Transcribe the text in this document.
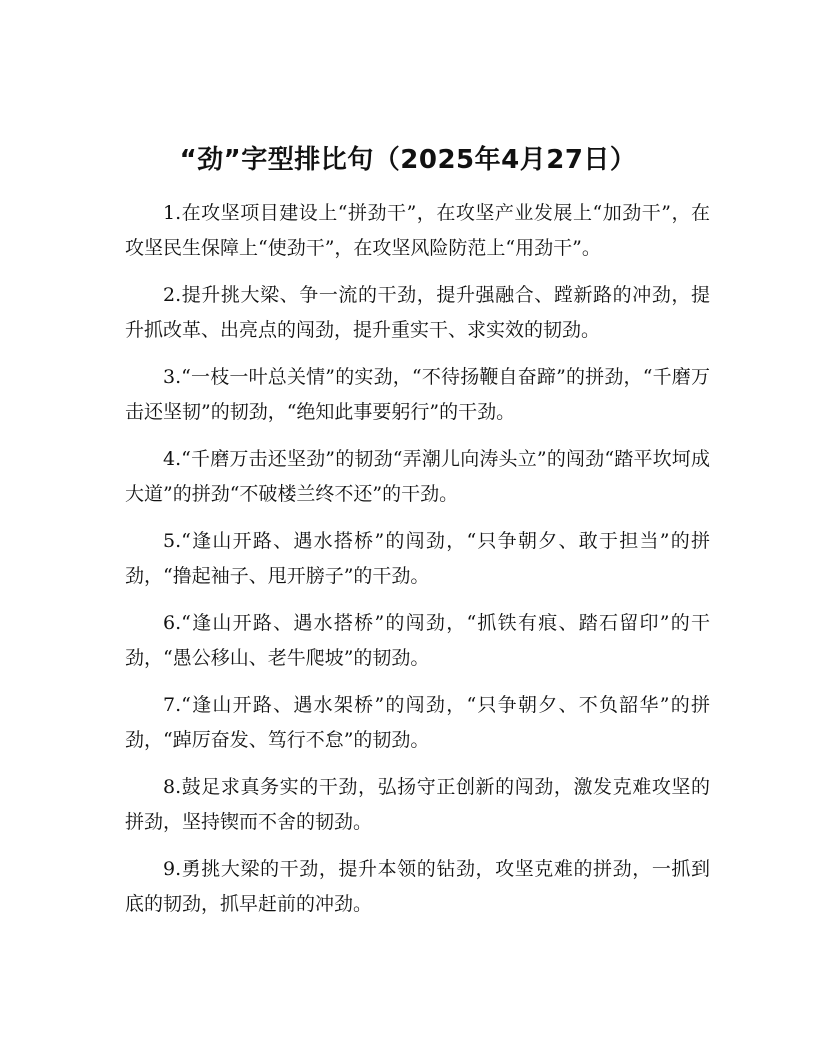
“劲”字型排比句（2025年4月27日）

1.在攻坚项目建设上“拼劲干”，在攻坚产业发展上“加劲干”，在攻坚民生保障上“使劲干”，在攻坚风险防范上“用劲干”。

2.提升挑大梁、争一流的干劲，提升强融合、蹚新路的冲劲，提升抓改革、出亮点的闯劲，提升重实干、求实效的韧劲。

3.“一枝一叶总关情”的实劲，“不待扬鞭自奋蹄”的拼劲，“千磨万击还坚韧”的韧劲，“绝知此事要躬行”的干劲。

4.“千磨万击还坚劲”的韧劲“弄潮儿向涛头立”的闯劲“踏平坎坷成大道”的拼劲“不破楼兰终不还”的干劲。

5.“逢山开路、遇水搭桥”的闯劲，“只争朝夕、敢于担当”的拼劲，“撸起袖子、甩开膀子”的干劲。

6.“逢山开路、遇水搭桥”的闯劲，“抓铁有痕、踏石留印”的干劲，“愚公移山、老牛爬坡”的韧劲。

7.“逢山开路、遇水架桥”的闯劲，“只争朝夕、不负韶华”的拼劲，“踔厉奋发、笃行不怠”的韧劲。

8.鼓足求真务实的干劲，弘扬守正创新的闯劲，激发克难攻坚的拼劲，坚持锲而不舍的韧劲。

9.勇挑大梁的干劲，提升本领的钻劲，攻坚克难的拼劲，一抓到底的韧劲，抓早赶前的冲劲。
